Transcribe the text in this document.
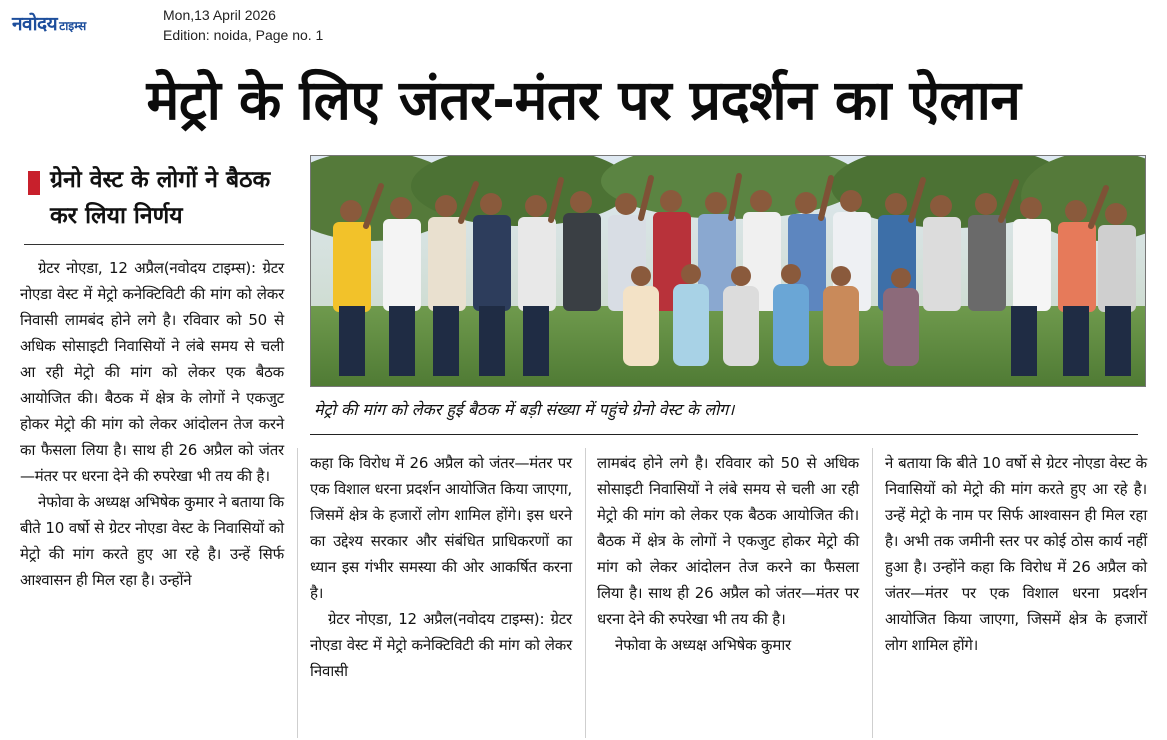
नवोदय टाइम्स
Mon,13 April 2026
Edition: noida, Page no. 1
मेट्रो के लिए जंतर-मंतर पर प्रदर्शन का ऐलान
ग्रेनो वेस्ट के लोगों ने बैठक कर लिया निर्णय
मेट्रो की मांग को लेकर हुई बैठक में बड़ी संख्या में पहुंचे ग्रेनो वेस्ट के लोग।

ग्रेटर नोएडा, 12 अप्रैल(नवोदय टाइम्स): ग्रेटर नोएडा वेस्ट में मेट्रो कनेक्टिविटी की मांग को लेकर निवासी लामबंद होने लगे है। रविवार को 50 से अधिक सोसाइटी निवासियों ने लंबे समय से चली आ रही मेट्रो की मांग को लेकर एक बैठक आयोजित की। बैठक में क्षेत्र के लोगों ने एकजुट होकर मेट्रो की मांग को लेकर आंदोलन तेज करने का फैसला लिया है। साथ ही 26 अप्रैल को जंतर—मंतर पर धरना देने की रुपरेखा भी तय की है।

नेफोवा के अध्यक्ष अभिषेक कुमार ने बताया कि बीते 10 वर्षो से ग्रेटर नोएडा वेस्ट के निवासियों को मेट्रो की मांग करते हुए आ रहे है। उन्हें सिर्फ आश्वासन ही मिल रहा है। उन्होंने

कहा कि विरोध में 26 अप्रैल को जंतर—मंतर पर एक विशाल धरना प्रदर्शन आयोजित किया जाएगा, जिसमें क्षेत्र के हजारों लोग शामिल होंगे। इस धरने का उद्देश्य सरकार और संबंधित प्राधिकरणों का ध्यान इस गंभीर समस्या की ओर आकर्षित करना है।

ग्रेटर नोएडा, 12 अप्रैल(नवोदय टाइम्स): ग्रेटर नोएडा वेस्ट में मेट्रो कनेक्टिविटी की मांग को लेकर निवासी

लामबंद होने लगे है। रविवार को 50 से अधिक सोसाइटी निवासियों ने लंबे समय से चली आ रही मेट्रो की मांग को लेकर एक बैठक आयोजित की। बैठक में क्षेत्र के लोगों ने एकजुट होकर मेट्रो की मांग को लेकर आंदोलन तेज करने का फैसला लिया है। साथ ही 26 अप्रैल को जंतर—मंतर पर धरना देने की रुपरेखा भी तय की है।

नेफोवा के अध्यक्ष अभिषेक कुमार

ने बताया कि बीते 10 वर्षो से ग्रेटर नोएडा वेस्ट के निवासियों को मेट्रो की मांग करते हुए आ रहे है। उन्हें मेट्रो के नाम पर सिर्फ आश्वासन ही मिल रहा है। अभी तक जमीनी स्तर पर कोई ठोस कार्य नहीं हुआ है। उन्होंने कहा कि विरोध में 26 अप्रैल को जंतर—मंतर पर एक विशाल धरना प्रदर्शन आयोजित किया जाएगा, जिसमें क्षेत्र के हजारों लोग शामिल होंगे।
